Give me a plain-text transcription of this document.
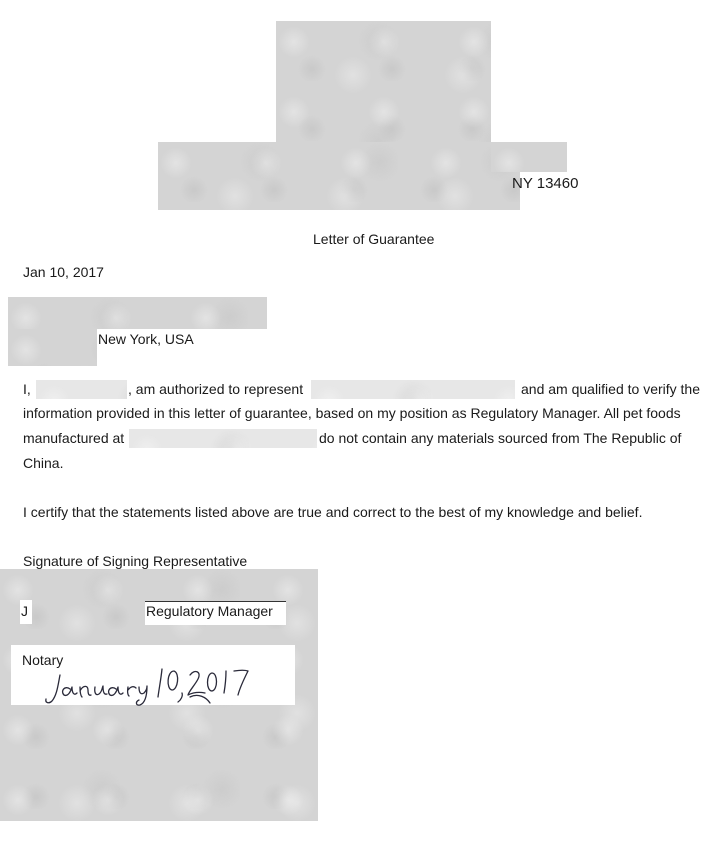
NY 13460
Letter of Guarantee
Jan 10, 2017
New York, USA
I,	, am authorized to represent	and am qualified to verify the
information provided in this letter of guarantee, based on my position as Regulatory Manager. All pet foods
manufactured at	do not contain any materials sourced from The Republic of
China.
I certify that the statements listed above are true and correct to the best of my knowledge and belief.
Signature of Signing Representative
J	Regulatory Manager
Notary
